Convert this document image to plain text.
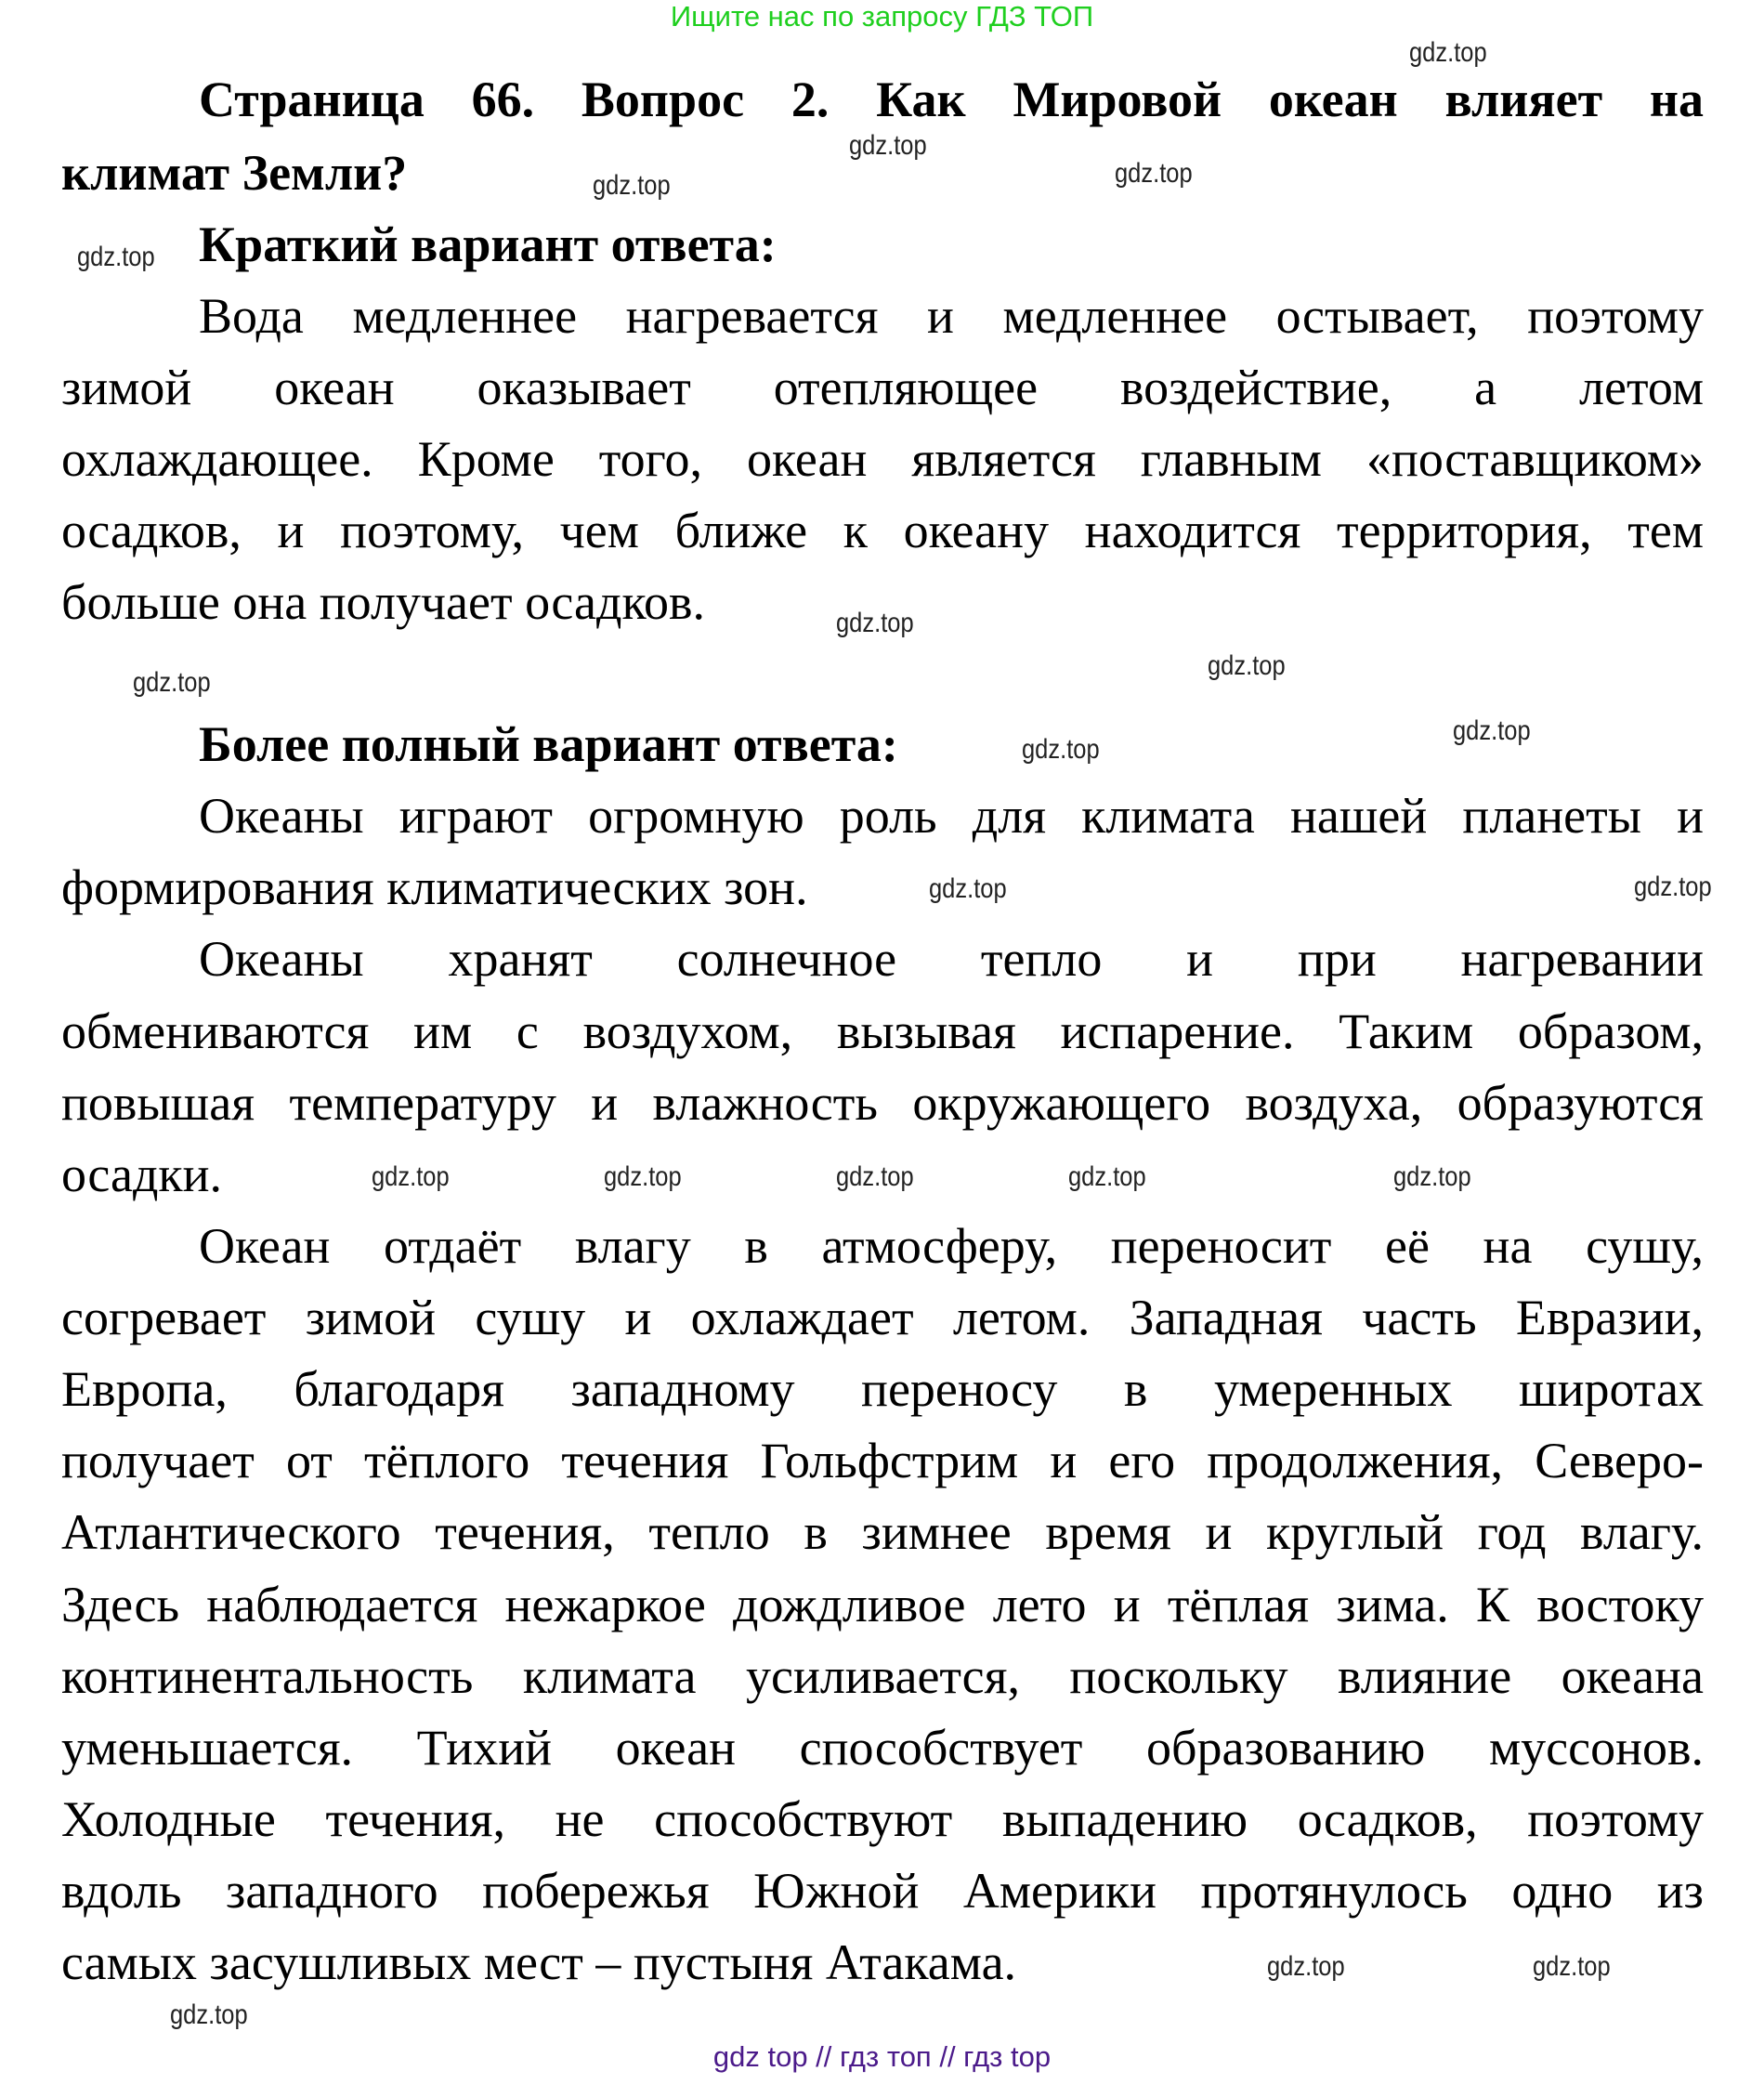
Ищите нас по запросу ГДЗ ТОП
Страница 66. Вопрос 2. Как Мировой океан влияет на
климат Земли?
Краткий вариант ответа:
Вода медленнее нагревается и медленнее остывает, поэтому
зимой океан оказывает отепляющее воздействие, а летом
охлаждающее. Кроме того, океан является главным «поставщиком»
осадков, и поэтому, чем ближе к океану находится территория, тем
больше она получает осадков.
Более полный вариант ответа:
Океаны играют огромную роль для климата нашей планеты и
формирования климатических зон.
Океаны хранят солнечное тепло и при нагревании
обмениваются им с воздухом, вызывая испарение. Таким образом,
повышая температуру и влажность окружающего воздуха, образуются
осадки.
Океан отдаёт влагу в атмосферу, переносит её на сушу,
согревает зимой сушу и охлаждает летом. Западная часть Евразии,
Европа, благодаря западному переносу в умеренных широтах
получает от тёплого течения Гольфстрим и его продолжения, Северо-
Атлантического течения, тепло в зимнее время и круглый год влагу.
Здесь наблюдается нежаркое дождливое лето и тёплая зима. К востоку
континентальность климата усиливается, поскольку влияние океана
уменьшается. Тихий океан способствует образованию муссонов.
Холодные течения, не способствуют выпадению осадков, поэтому
вдоль западного побережья Южной Америки протянулось одно из
самых засушливых мест – пустыня Атакама.
gdz.top
gdz.top
gdz.top
gdz.top
gdz.top
gdz.top
gdz.top
gdz.top
gdz.top
gdz.top	gdz.top
gdz.top
gdz.top
gdz.top	gdz.top
gdz.top
gdz.top
gdz.top
gdz.top
gdz.top
gdz top // гдз топ // гдз top
